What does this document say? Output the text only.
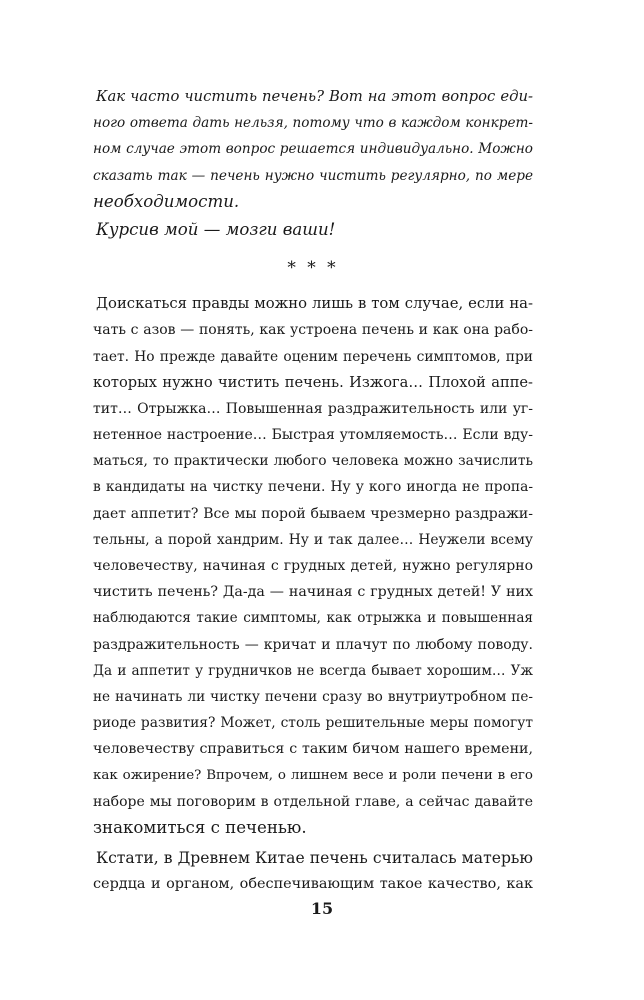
Как часто чистить печень? Вот на этот вопрос еди-
ного ответа дать нельзя, потому что в каждом конкрет-
ном случае этот вопрос решается индивидуально. Можно
сказать так — печень нужно чистить регулярно, по мере
необходимости.
Курсив мой — мозги ваши!
* * *
Доискаться правды можно лишь в том случае, если на-
чать с азов — понять, как устроена печень и как она рабо-
тает. Но прежде давайте оценим перечень симптомов, при
которых нужно чистить печень. Изжога… Плохой аппе-
тит… Отрыжка… Повышенная раздражительность или уг-
нетенное настроение… Быстрая утомляемость… Если вду-
маться, то практически любого человека можно зачислить
в кандидаты на чистку печени. Ну у кого иногда не пропа-
дает аппетит? Все мы порой бываем чрезмерно раздражи-
тельны, а порой хандрим. Ну и так далее… Неужели всему
человечеству, начиная с грудных детей, нужно регулярно
чистить печень? Да-да — начиная с грудных детей! У них
наблюдаются такие симптомы, как отрыжка и повышенная
раздражительность — кричат и плачут по любому поводу.
Да и аппетит у грудничков не всегда бывает хорошим… Уж
не начинать ли чистку печени сразу во внутриутробном пе-
риоде развития? Может, столь решительные меры помогут
человечеству справиться с таким бичом нашего времени,
как ожирение? Впрочем, о лишнем весе и роли печени в его
наборе мы поговорим в отдельной главе, а сейчас давайте
знакомиться с печенью.
Кстати, в Древнем Китае печень считалась матерью
сердца и органом, обеспечивающим такое качество, как
15
